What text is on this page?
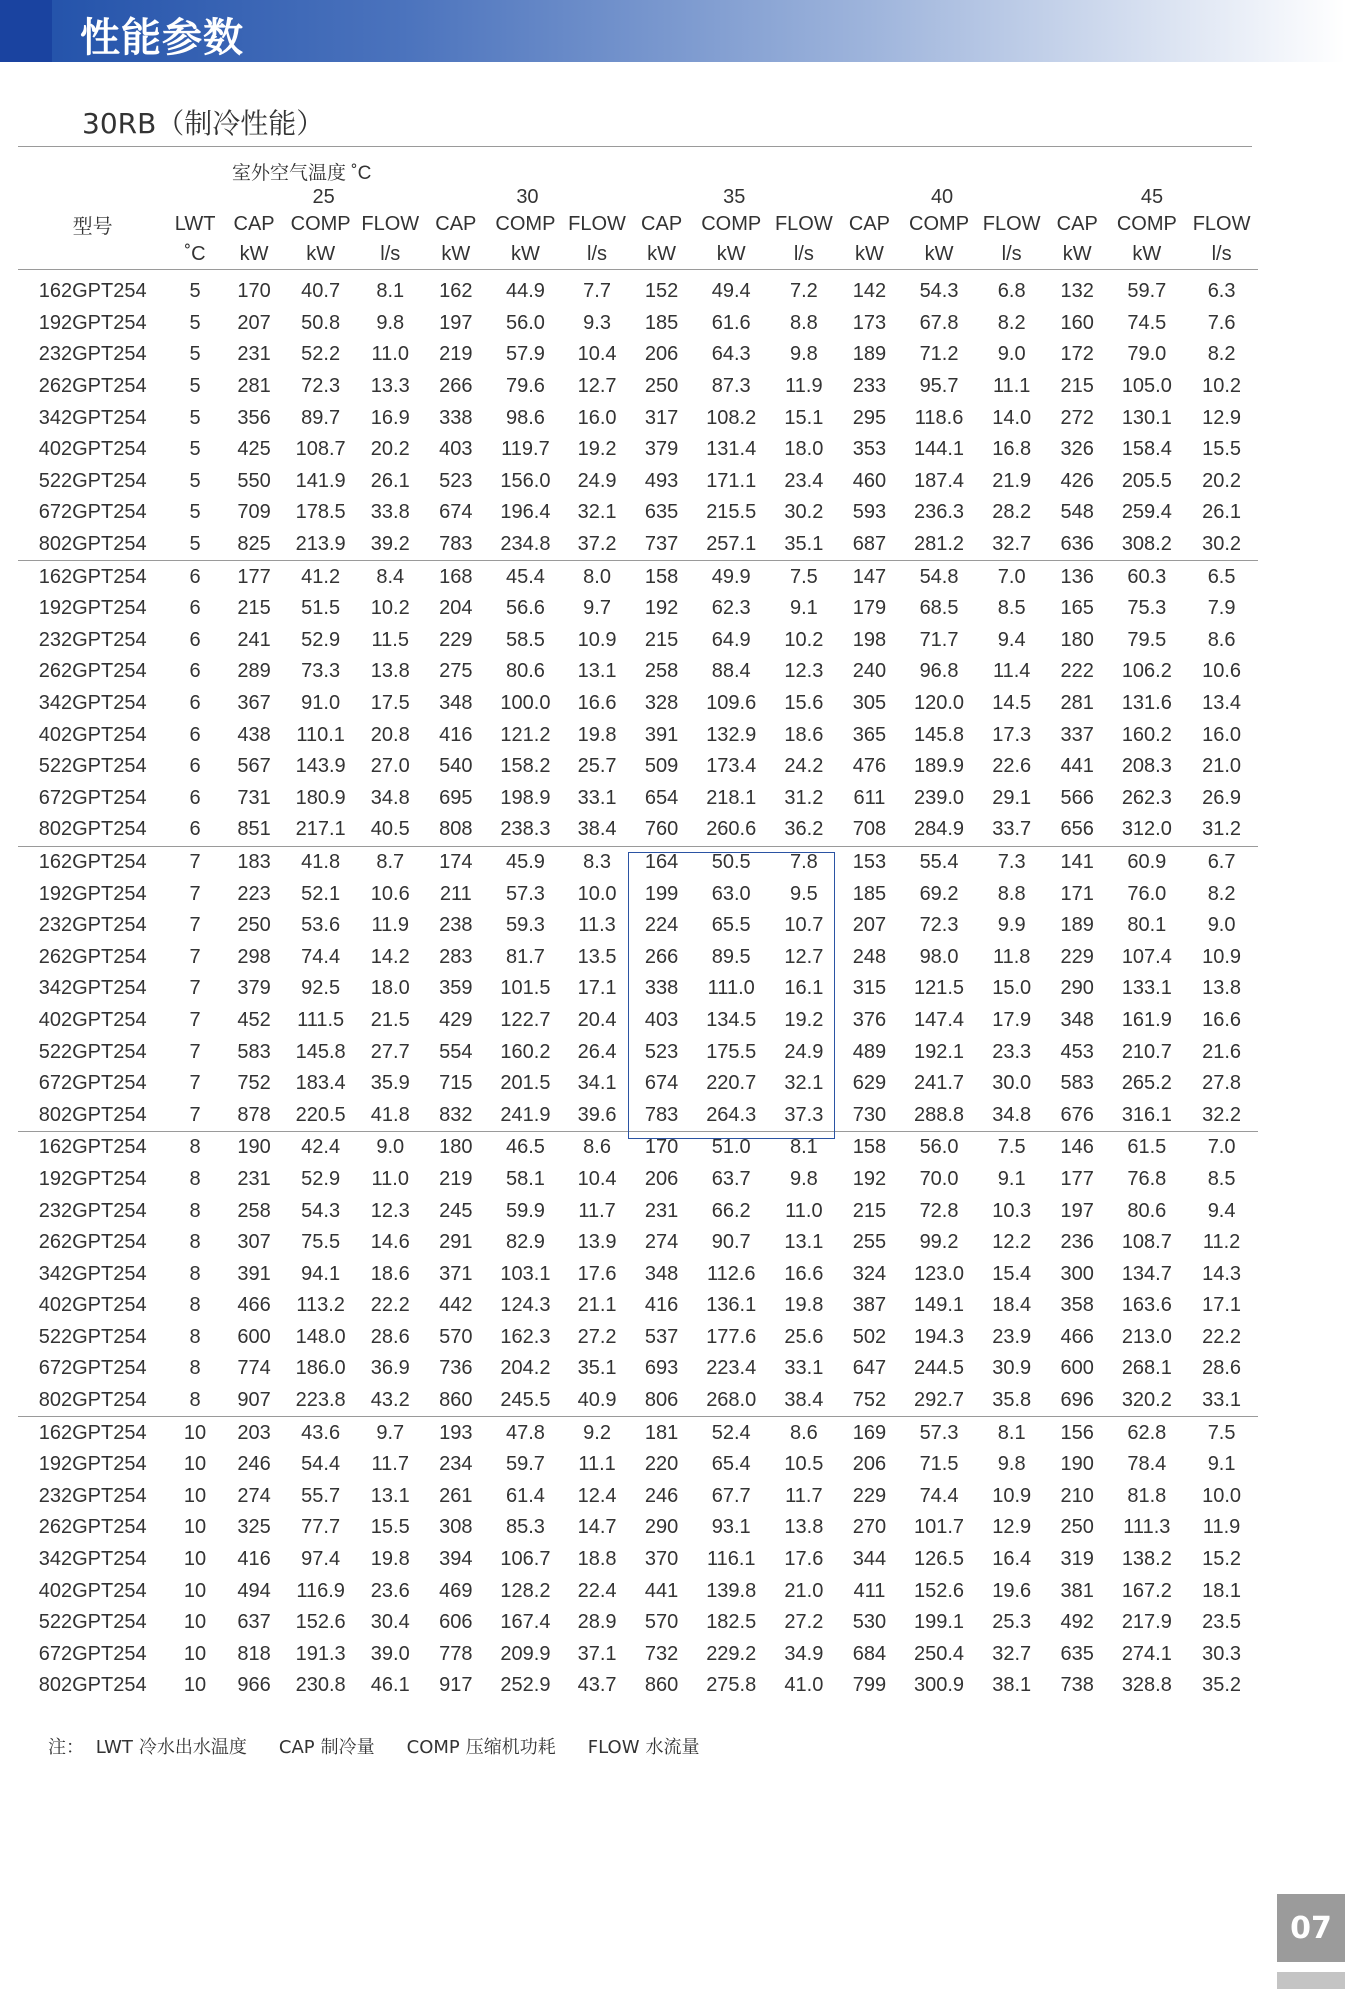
性能参数
30RB（制冷性能）
室外空气温度 ˚C																
		25			30			35			40			45		
型号	LWT	CAP	COMP	FLOW	CAP	COMP	FLOW	CAP	COMP	FLOW	CAP	COMP	FLOW	CAP	COMP	FLOW
	˚C	kW	kW	l/s	kW	kW	l/s	kW	kW	l/s	kW	kW	l/s	kW	kW	l/s
162GPT254	5	170	40.7	8.1	162	44.9	7.7	152	49.4	7.2	142	54.3	6.8	132	59.7	6.3
192GPT254	5	207	50.8	9.8	197	56.0	9.3	185	61.6	8.8	173	67.8	8.2	160	74.5	7.6
232GPT254	5	231	52.2	11.0	219	57.9	10.4	206	64.3	9.8	189	71.2	9.0	172	79.0	8.2
262GPT254	5	281	72.3	13.3	266	79.6	12.7	250	87.3	11.9	233	95.7	11.1	215	105.0	10.2
342GPT254	5	356	89.7	16.9	338	98.6	16.0	317	108.2	15.1	295	118.6	14.0	272	130.1	12.9
402GPT254	5	425	108.7	20.2	403	119.7	19.2	379	131.4	18.0	353	144.1	16.8	326	158.4	15.5
522GPT254	5	550	141.9	26.1	523	156.0	24.9	493	171.1	23.4	460	187.4	21.9	426	205.5	20.2
672GPT254	5	709	178.5	33.8	674	196.4	32.1	635	215.5	30.2	593	236.3	28.2	548	259.4	26.1
802GPT254	5	825	213.9	39.2	783	234.8	37.2	737	257.1	35.1	687	281.2	32.7	636	308.2	30.2
162GPT254	6	177	41.2	8.4	168	45.4	8.0	158	49.9	7.5	147	54.8	7.0	136	60.3	6.5
192GPT254	6	215	51.5	10.2	204	56.6	9.7	192	62.3	9.1	179	68.5	8.5	165	75.3	7.9
232GPT254	6	241	52.9	11.5	229	58.5	10.9	215	64.9	10.2	198	71.7	9.4	180	79.5	8.6
262GPT254	6	289	73.3	13.8	275	80.6	13.1	258	88.4	12.3	240	96.8	11.4	222	106.2	10.6
342GPT254	6	367	91.0	17.5	348	100.0	16.6	328	109.6	15.6	305	120.0	14.5	281	131.6	13.4
402GPT254	6	438	110.1	20.8	416	121.2	19.8	391	132.9	18.6	365	145.8	17.3	337	160.2	16.0
522GPT254	6	567	143.9	27.0	540	158.2	25.7	509	173.4	24.2	476	189.9	22.6	441	208.3	21.0
672GPT254	6	731	180.9	34.8	695	198.9	33.1	654	218.1	31.2	611	239.0	29.1	566	262.3	26.9
802GPT254	6	851	217.1	40.5	808	238.3	38.4	760	260.6	36.2	708	284.9	33.7	656	312.0	31.2
162GPT254	7	183	41.8	8.7	174	45.9	8.3	164	50.5	7.8	153	55.4	7.3	141	60.9	6.7
192GPT254	7	223	52.1	10.6	211	57.3	10.0	199	63.0	9.5	185	69.2	8.8	171	76.0	8.2
232GPT254	7	250	53.6	11.9	238	59.3	11.3	224	65.5	10.7	207	72.3	9.9	189	80.1	9.0
262GPT254	7	298	74.4	14.2	283	81.7	13.5	266	89.5	12.7	248	98.0	11.8	229	107.4	10.9
342GPT254	7	379	92.5	18.0	359	101.5	17.1	338	111.0	16.1	315	121.5	15.0	290	133.1	13.8
402GPT254	7	452	111.5	21.5	429	122.7	20.4	403	134.5	19.2	376	147.4	17.9	348	161.9	16.6
522GPT254	7	583	145.8	27.7	554	160.2	26.4	523	175.5	24.9	489	192.1	23.3	453	210.7	21.6
672GPT254	7	752	183.4	35.9	715	201.5	34.1	674	220.7	32.1	629	241.7	30.0	583	265.2	27.8
802GPT254	7	878	220.5	41.8	832	241.9	39.6	783	264.3	37.3	730	288.8	34.8	676	316.1	32.2
162GPT254	8	190	42.4	9.0	180	46.5	8.6	170	51.0	8.1	158	56.0	7.5	146	61.5	7.0
192GPT254	8	231	52.9	11.0	219	58.1	10.4	206	63.7	9.8	192	70.0	9.1	177	76.8	8.5
232GPT254	8	258	54.3	12.3	245	59.9	11.7	231	66.2	11.0	215	72.8	10.3	197	80.6	9.4
262GPT254	8	307	75.5	14.6	291	82.9	13.9	274	90.7	13.1	255	99.2	12.2	236	108.7	11.2
342GPT254	8	391	94.1	18.6	371	103.1	17.6	348	112.6	16.6	324	123.0	15.4	300	134.7	14.3
402GPT254	8	466	113.2	22.2	442	124.3	21.1	416	136.1	19.8	387	149.1	18.4	358	163.6	17.1
522GPT254	8	600	148.0	28.6	570	162.3	27.2	537	177.6	25.6	502	194.3	23.9	466	213.0	22.2
672GPT254	8	774	186.0	36.9	736	204.2	35.1	693	223.4	33.1	647	244.5	30.9	600	268.1	28.6
802GPT254	8	907	223.8	43.2	860	245.5	40.9	806	268.0	38.4	752	292.7	35.8	696	320.2	33.1
162GPT254	10	203	43.6	9.7	193	47.8	9.2	181	52.4	8.6	169	57.3	8.1	156	62.8	7.5
192GPT254	10	246	54.4	11.7	234	59.7	11.1	220	65.4	10.5	206	71.5	9.8	190	78.4	9.1
232GPT254	10	274	55.7	13.1	261	61.4	12.4	246	67.7	11.7	229	74.4	10.9	210	81.8	10.0
262GPT254	10	325	77.7	15.5	308	85.3	14.7	290	93.1	13.8	270	101.7	12.9	250	111.3	11.9
342GPT254	10	416	97.4	19.8	394	106.7	18.8	370	116.1	17.6	344	126.5	16.4	319	138.2	15.2
402GPT254	10	494	116.9	23.6	469	128.2	22.4	441	139.8	21.0	411	152.6	19.6	381	167.2	18.1
522GPT254	10	637	152.6	30.4	606	167.4	28.9	570	182.5	27.2	530	199.1	25.3	492	217.9	23.5
672GPT254	10	818	191.3	39.0	778	209.9	37.1	732	229.2	34.9	684	250.4	32.7	635	274.1	30.3
802GPT254	10	966	230.8	46.1	917	252.9	43.7	860	275.8	41.0	799	300.9	38.1	738	328.8	35.2
注： LWT 冷水出水温度 CAP 制冷量 COMP 压缩机功耗 FLOW 水流量
07
